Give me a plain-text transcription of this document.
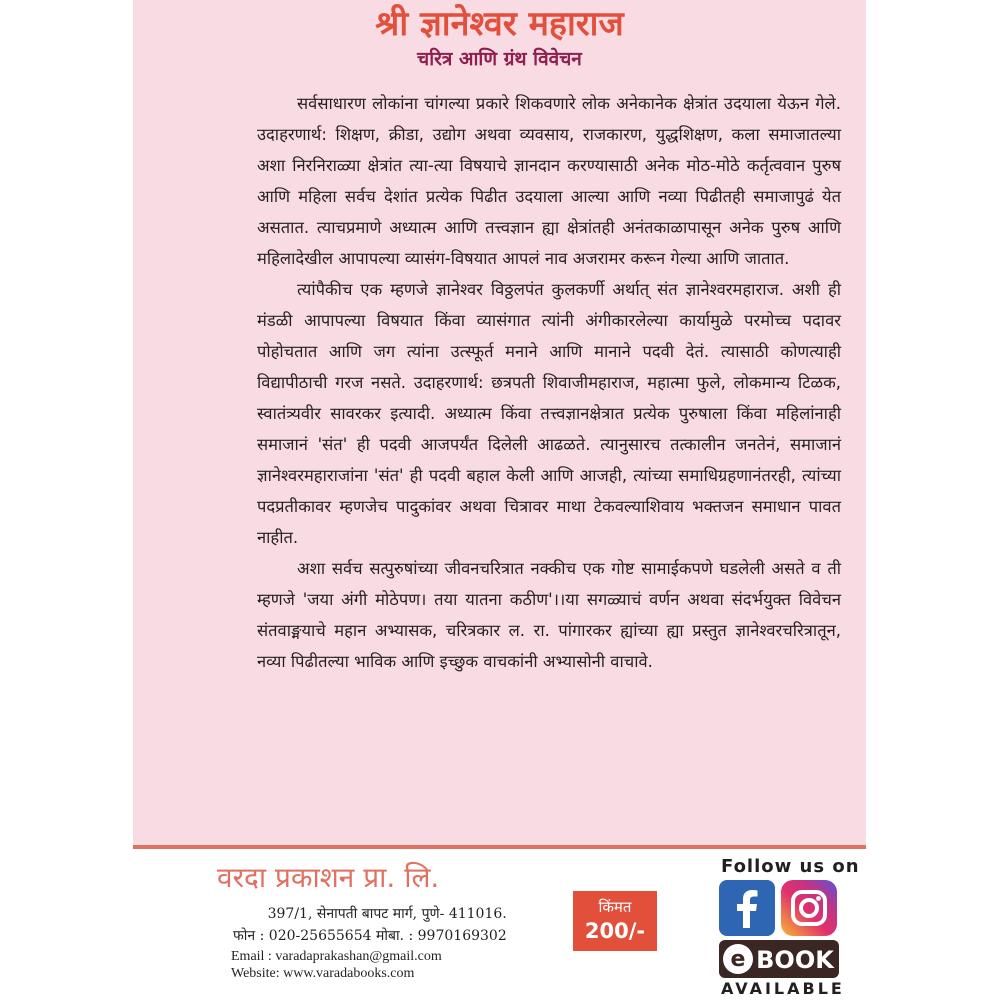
श्री ज्ञानेश्वर महाराज
चरित्र आणि ग्रंथ विवेचन

सर्वसाधारण लोकांना चांगल्या प्रकारे शिकवणारे लोक अनेकानेक क्षेत्रांत उदयाला येऊन गेले. उदाहरणार्थ: शिक्षण, क्रीडा, उद्योग अथवा व्यवसाय, राजकारण, युद्धशिक्षण, कला समाजातल्या अशा निरनिराळ्या क्षेत्रांत त्या-त्या विषयाचे ज्ञानदान करण्यासाठी अनेक मोठ-मोठे कर्तृत्ववान पुरुष आणि महिला सर्वच देशांत प्रत्येक पिढीत उदयाला आल्या आणि नव्या पिढीतही समाजापुढं येत असतात. त्याचप्रमाणे अध्यात्म आणि तत्त्वज्ञान ह्या क्षेत्रांतही अनंतकाळापासून अनेक पुरुष आणि महिलादेखील आपापल्या व्यासंग-विषयात आपलं नाव अजरामर करून गेल्या आणि जातात.

त्यांपैकीच एक म्हणजे ज्ञानेश्वर विठ्ठलपंत कुलकर्णी अर्थात् संत ज्ञानेश्वरमहाराज. अशी ही मंडळी आपापल्या विषयात किंवा व्यासंगात त्यांनी अंगीकारलेल्या कार्यामुळे परमोच्च पदावर पोहोचतात आणि जग त्यांना उत्स्फूर्त मनाने आणि मानाने पदवी देतं. त्यासाठी कोणत्याही विद्यापीठाची गरज नसते. उदाहरणार्थ: छत्रपती शिवाजीमहाराज, महात्मा फुले, लोकमान्य टिळक, स्वातंत्र्यवीर सावरकर इत्यादी. अध्यात्म किंवा तत्त्वज्ञानक्षेत्रात प्रत्येक पुरुषाला किंवा महिलांनाही समाजानं 'संत' ही पदवी आजपर्यंत दिलेली आढळते. त्यानुसारच तत्कालीन जनतेनं, समाजानं ज्ञानेश्वरमहाराजांना 'संत' ही पदवी बहाल केली आणि आजही, त्यांच्या समाधिग्रहणानंतरही, त्यांच्या पदप्रतीकावर म्हणजेच पादुकांवर अथवा चित्रावर माथा टेकवल्याशिवाय भक्तजन समाधान पावत नाहीत.

अशा सर्वच सत्पुरुषांच्या जीवनचरित्रात नक्कीच एक गोष्ट सामाईकपणे घडलेली असते व ती म्हणजे 'जया अंगी मोठेपण। तया यातना कठीण'।।या सगळ्याचं वर्णन अथवा संदर्भयुक्त विवेचन संतवाङ्मयाचे महान अभ्यासक, चरित्रकार ल. रा. पांगारकर ह्यांच्या ह्या प्रस्तुत ज्ञानेश्वरचरित्रातून, नव्या पिढीतल्या भाविक आणि इच्छुक वाचकांनी अभ्यासोनी वाचावे.

वरदा प्रकाशन प्रा. लि.
397/1, सेनापती बापट मार्ग, पुणे- 411016.
फोन : 020-25655654 मोबा. : 9970169302
Email : varadaprakashan@gmail.com
Website: www.varadabooks.com
किंमत
200/-
Follow us on
e BOOK
AVAILABLE
